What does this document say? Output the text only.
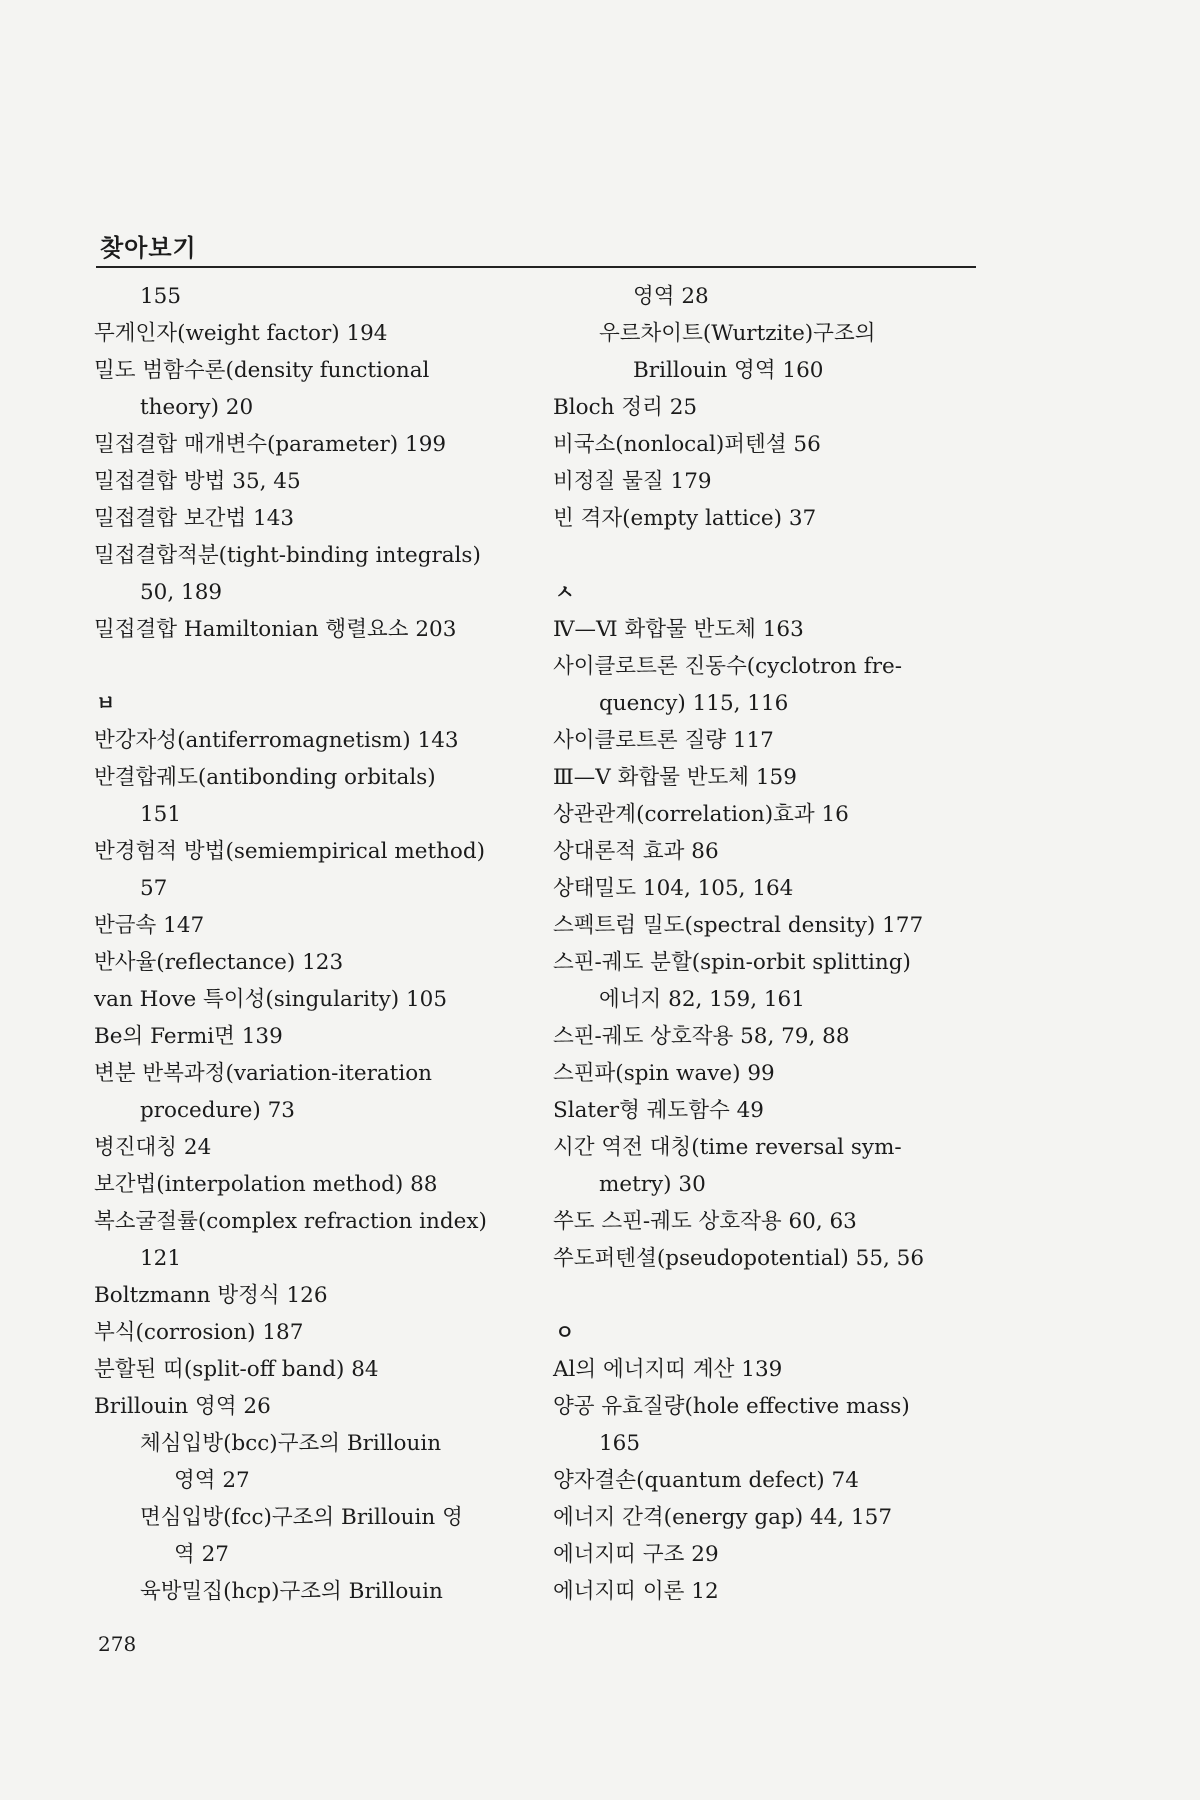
찾아보기
155
무게인자(weight factor) 194
밀도 범함수론(density functional
theory) 20
밀접결합 매개변수(parameter) 199
밀접결합 방법 35, 45
밀접결합 보간법 143
밀접결합적분(tight-binding integrals)
50, 189
밀접결합 Hamiltonian 행렬요소 203
ㅂ
반강자성(antiferromagnetism) 143
반결합궤도(antibonding orbitals)
151
반경험적 방법(semiempirical method)
57
반금속 147
반사율(reflectance) 123
van Hove 특이성(singularity) 105
Be의 Fermi면 139
변분 반복과정(variation-iteration
procedure) 73
병진대칭 24
보간법(interpolation method) 88
복소굴절률(complex refraction index)
121
Boltzmann 방정식 126
부식(corrosion) 187
분할된 띠(split-off band) 84
Brillouin 영역 26
체심입방(bcc)구조의 Brillouin
영역 27
면심입방(fcc)구조의 Brillouin 영
역 27
육방밀집(hcp)구조의 Brillouin
영역 28
우르차이트(Wurtzite)구조의
Brillouin 영역 160
Bloch 정리 25
비국소(nonlocal)퍼텐셜 56
비정질 물질 179
빈 격자(empty lattice) 37
ㅅ
Ⅳ—Ⅵ 화합물 반도체 163
사이클로트론 진동수(cyclotron fre-
quency) 115, 116
사이클로트론 질량 117
Ⅲ—Ⅴ 화합물 반도체 159
상관관계(correlation)효과 16
상대론적 효과 86
상태밀도 104, 105, 164
스펙트럼 밀도(spectral density) 177
스핀-궤도 분할(spin-orbit splitting)
에너지 82, 159, 161
스핀-궤도 상호작용 58, 79, 88
스핀파(spin wave) 99
Slater형 궤도함수 49
시간 역전 대칭(time reversal sym-
metry) 30
쑤도 스핀-궤도 상호작용 60, 63
쑤도퍼텐셜(pseudopotential) 55, 56
ㅇ
Al의 에너지띠 계산 139
양공 유효질량(hole effective mass)
165
양자결손(quantum defect) 74
에너지 간격(energy gap) 44, 157
에너지띠 구조 29
에너지띠 이론 12
278
